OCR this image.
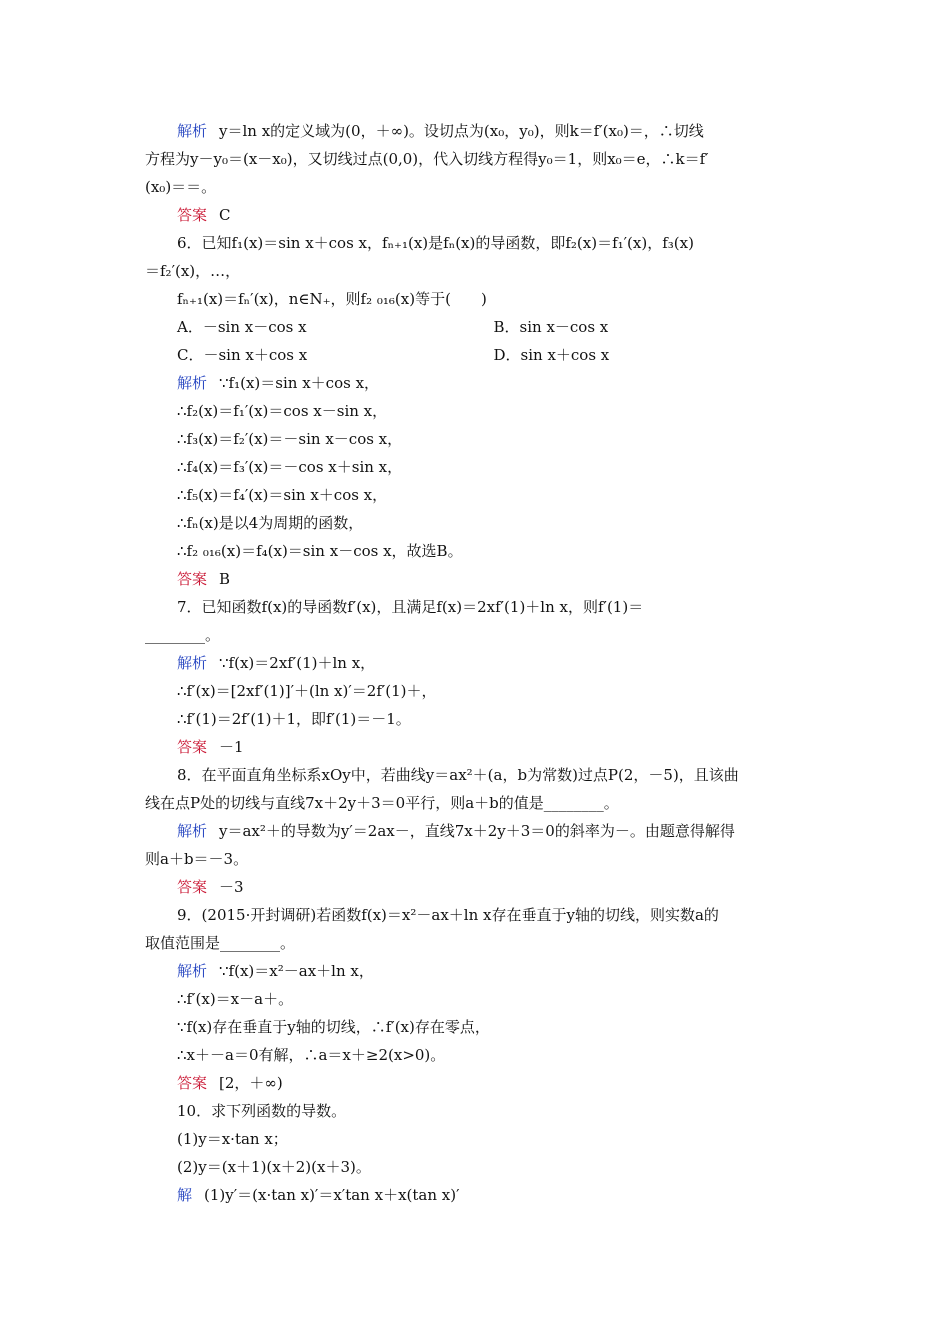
解析 y＝ln x的定义域为(0，＋∞)。设切点为(x₀，y₀)，则k＝f′(x₀)＝，∴切线
方程为y－y₀＝(x－x₀)，又切线过点(0,0)，代入切线方程得y₀＝1，则x₀＝e，∴k＝f′
(x₀)＝＝。
答案 C
6．已知f₁(x)＝sin x＋cos x，fₙ₊₁(x)是fₙ(x)的导函数，即f₂(x)＝f₁′(x)，f₃(x)
＝f₂′(x)，…，
fₙ₊₁(x)＝fₙ′(x)，n∈N₊，则f₂ ₀₁₆(x)等于(　　)
A．－sin x－cos x	B．sin x－cos x
C．－sin x＋cos x	D．sin x＋cos x
解析 ∵f₁(x)＝sin x＋cos x，
∴f₂(x)＝f₁′(x)＝cos x－sin x，
∴f₃(x)＝f₂′(x)＝－sin x－cos x，
∴f₄(x)＝f₃′(x)＝－cos x＋sin x，
∴f₅(x)＝f₄′(x)＝sin x＋cos x，
∴fₙ(x)是以4为周期的函数，
∴f₂ ₀₁₆(x)＝f₄(x)＝sin x－cos x，故选B。
答案 B
7．已知函数f(x)的导函数f′(x)，且满足f(x)＝2xf′(1)＋ln x，则f′(1)＝
________。
解析 ∵f(x)＝2xf′(1)＋ln x，
∴f′(x)＝[2xf′(1)]′＋(ln x)′＝2f′(1)＋，
∴f′(1)＝2f′(1)＋1，即f′(1)＝－1。
答案 －1
8．在平面直角坐标系xOy中，若曲线y＝ax²＋(a，b为常数)过点P(2，－5)，且该曲
线在点P处的切线与直线7x＋2y＋3＝0平行，则a＋b的值是________。
解析 y＝ax²＋的导数为y′＝2ax－，直线7x＋2y＋3＝0的斜率为－。由题意得解得
则a＋b＝－3。
答案 －3
9．(2015·开封调研)若函数f(x)＝x²－ax＋ln x存在垂直于y轴的切线，则实数a的
取值范围是________。
解析 ∵f(x)＝x²－ax＋ln x，
∴f′(x)＝x－a＋。
∵f(x)存在垂直于y轴的切线，∴f′(x)存在零点，
∴x＋－a＝0有解，∴a＝x＋≥2(x>0)。
答案 [2，＋∞)
10．求下列函数的导数。
(1)y＝x·tan x；
(2)y＝(x＋1)(x＋2)(x＋3)。
解 (1)y′＝(x·tan x)′＝x′tan x＋x(tan x)′
